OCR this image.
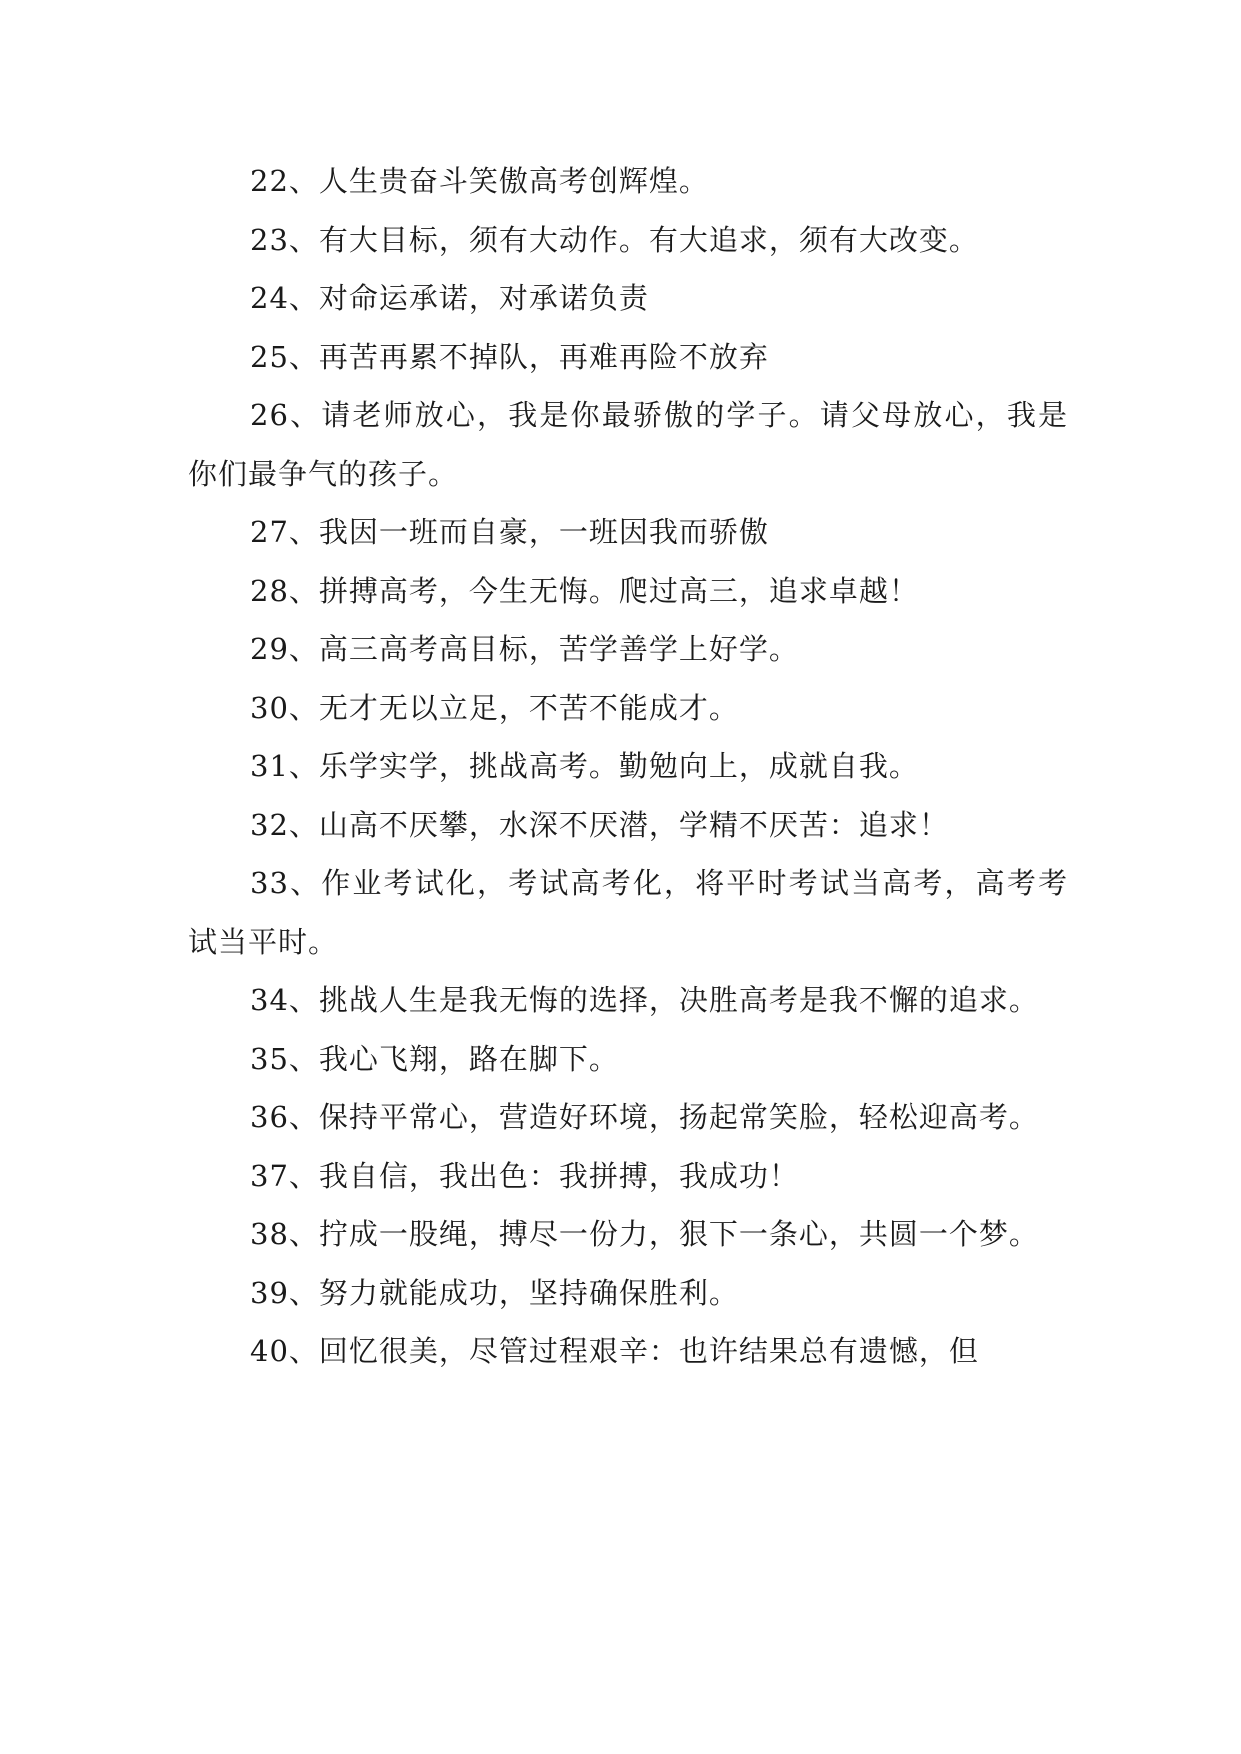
22、人生贵奋斗笑傲高考创辉煌。

23、有大目标，须有大动作。有大追求，须有大改变。

24、对命运承诺，对承诺负责

25、再苦再累不掉队，再难再险不放弃

26、请老师放心，我是你最骄傲的学子。请父母放心，我是你们最争气的孩子。

27、我因一班而自豪，一班因我而骄傲

28、拼搏高考，今生无悔。爬过高三，追求卓越！

29、高三高考高目标，苦学善学上好学。

30、无才无以立足，不苦不能成才。

31、乐学实学，挑战高考。勤勉向上，成就自我。

32、山高不厌攀，水深不厌潜，学精不厌苦：追求！

33、作业考试化，考试高考化，将平时考试当高考，高考考试当平时。

34、挑战人生是我无悔的选择，决胜高考是我不懈的追求。

35、我心飞翔，路在脚下。

36、保持平常心，营造好环境，扬起常笑脸，轻松迎高考。

37、我自信，我出色：我拼搏，我成功！

38、拧成一股绳，搏尽一份力，狠下一条心，共圆一个梦。

39、努力就能成功，坚持确保胜利。

40、回忆很美，尽管过程艰辛：也许结果总有遗憾，但
